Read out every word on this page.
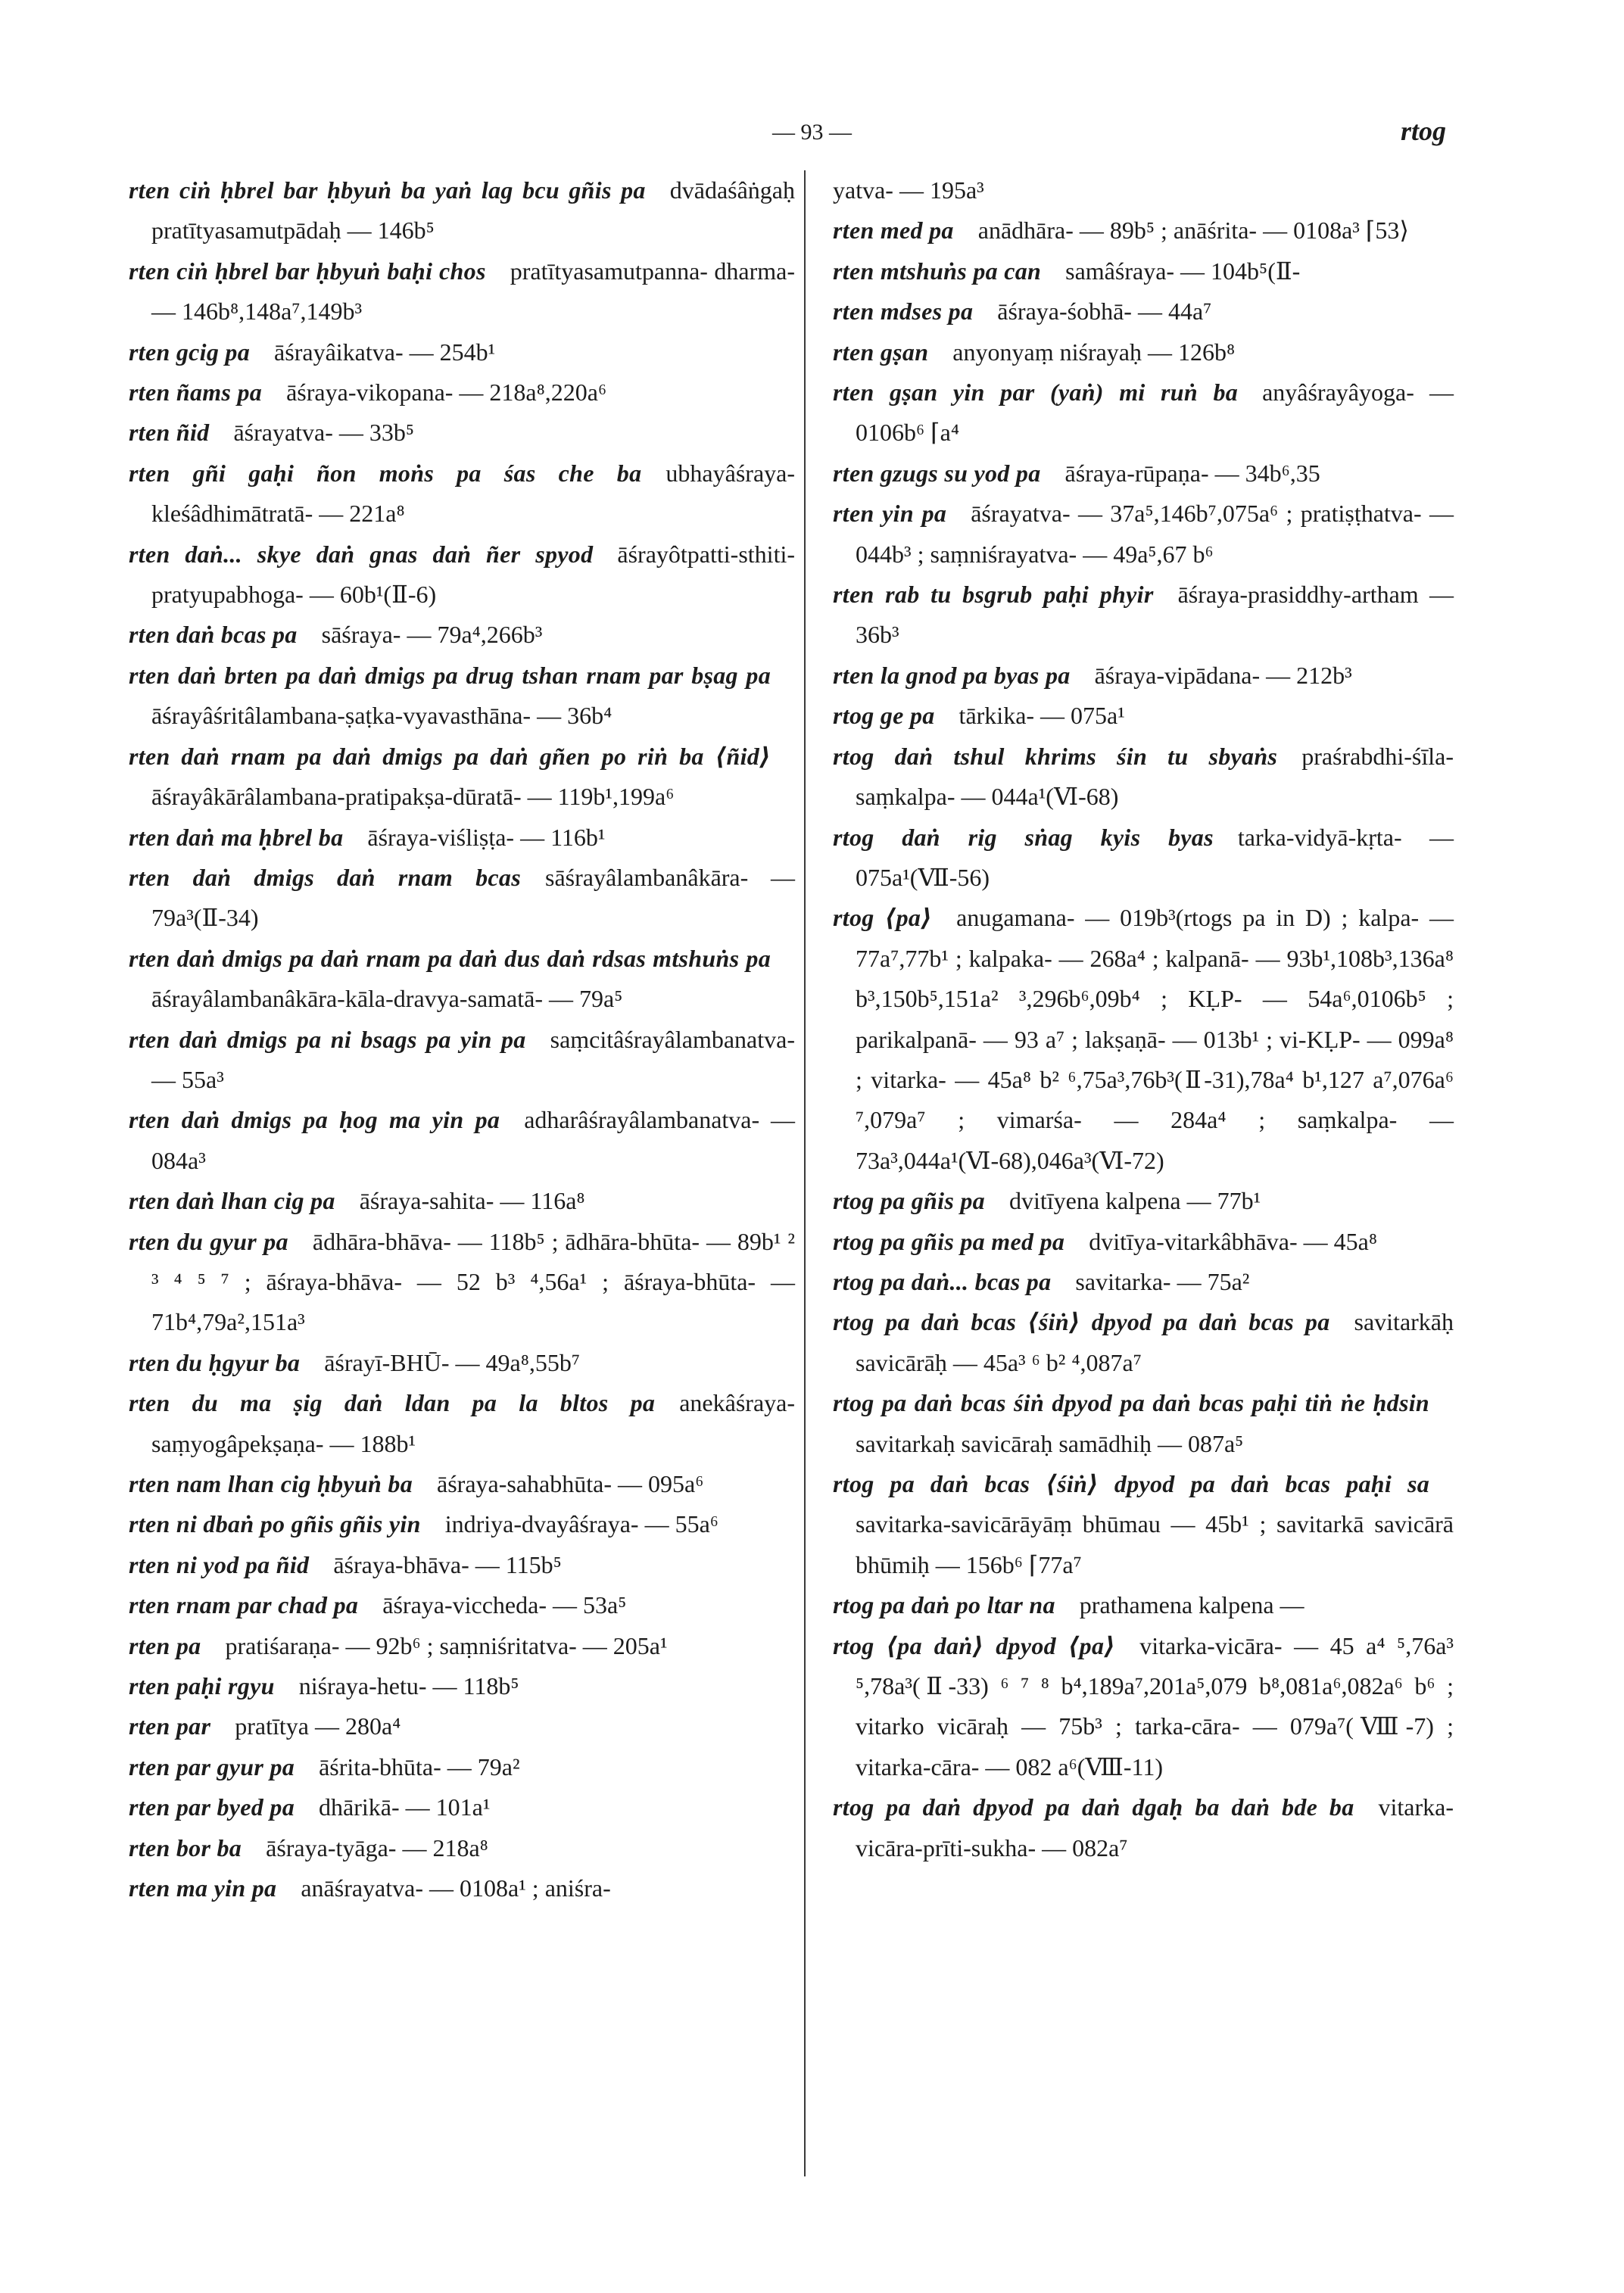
— 93 —	rtog
rten ciṅ ḥbrel bar ḥbyuṅ ba yaṅ lag bcu gñis pa  dvādaśâṅgaḥ pratītyasamutpādaḥ — 146b⁵
rten ciṅ ḥbrel bar ḥbyuṅ baḥi chos  pratītyasamutpanna- dharma- — 146b⁸,148a⁷,149b³
rten gcig pa  āśrayâikatva- — 254b¹
rten ñams pa  āśraya-vikopana- — 218a⁸,220a⁶
rten ñid  āśrayatva- — 33b⁵
rten gñi gaḥi ñon moṅs pa śas che ba  ubhayâśraya-kleśâdhimātratā- — 221a⁸
rten daṅ... skye daṅ gnas daṅ ñer spyod  āśrayôtpatti-sthiti-pratyupabhoga- — 60b¹(Ⅱ-6)
rten daṅ bcas pa  sāśraya- — 79a⁴,266b³
rten daṅ brten pa daṅ dmigs pa drug tshan rnam par bṣag pa āśrayâśritâlambana-ṣaṭka-vyavasthāna- — 36b⁴
rten daṅ rnam pa daṅ dmigs pa daṅ gñen po riṅ ba ⟨ñid⟩ āśrayâkārâlambana-pratipakṣa-dūratā- — 119b¹,199a⁶
rten daṅ ma ḥbrel ba  āśraya-viśliṣṭa- — 116b¹
rten daṅ dmigs daṅ rnam bcas  sāśrayâlambanâkāra- — 79a³(Ⅱ-34)
rten daṅ dmigs pa daṅ rnam pa daṅ dus daṅ rdsas mtshuṅs pa āśrayâlambanâkāra-kāla-dravya-samatā- — 79a⁵
rten daṅ dmigs pa ni bsags pa yin pa  saṃcitâśrayâlambanatva- — 55a³
rten daṅ dmigs pa ḥog ma yin pa  adharâśrayâlambanatva- — 084a³
rten daṅ lhan cig pa  āśraya-sahita- — 116a⁸
rten du gyur pa  ādhāra-bhāva- — 118b⁵ ; ādhāra-bhūta- — 89b¹ ² ³ ⁴ ⁵ ⁷ ; āśraya-bhāva- — 52 b³ ⁴,56a¹ ; āśraya-bhūta- — 71b⁴,79a²,151a³
rten du ḥgyur ba  āśrayī-BHŪ- — 49a⁸,55b⁷
rten du ma ṣig daṅ ldan pa la bltos pa  anekâśraya-saṃyogâpekṣaṇa- — 188b¹
rten nam lhan cig ḥbyuṅ ba  āśraya-sahabhūta- — 095a⁶
rten ni dbaṅ po gñis gñis yin  indriya-dvayâśraya- — 55a⁶
rten ni yod pa ñid  āśraya-bhāva- — 115b⁵
rten rnam par chad pa  āśraya-viccheda- — 53a⁵
rten pa  pratiśaraṇa- — 92b⁶ ; saṃniśritatva- — 205a¹
rten paḥi rgyu  niśraya-hetu- — 118b⁵
rten par  pratītya — 280a⁴
rten par gyur pa  āśrita-bhūta- — 79a²
rten par byed pa  dhārikā- — 101a¹
rten bor ba  āśraya-tyāga- — 218a⁸
rten ma yin pa  anāśrayatva- — 0108a¹ ; aniśra-
yatva- — 195a³
rten med pa  anādhāra- — 89b⁵ ; anāśrita- — 0108a³ ⌈53⟩
rten mtshuṅs pa can  samâśraya- — 104b⁵(Ⅱ-
rten mdses pa  āśraya-śobhā- — 44a⁷
rten gṣan  anyonyaṃ niśrayaḥ — 126b⁸
rten gṣan yin par (yaṅ) mi ruṅ ba  anyâśrayâyoga- — 0106b⁶ ⌈a⁴
rten gzugs su yod pa  āśraya-rūpaṇa- — 34b⁶,35
rten yin pa  āśrayatva- — 37a⁵,146b⁷,075a⁶ ; pratiṣṭhatva- — 044b³ ; saṃniśrayatva- — 49a⁵,67 b⁶
rten rab tu bsgrub paḥi phyir  āśraya-prasiddhy-artham — 36b³
rten la gnod pa byas pa  āśraya-vipādana- — 212b³
rtog ge pa  tārkika- — 075a¹
rtog daṅ tshul khrims śin tu sbyaṅs  praśrabdhi-śīla-saṃkalpa- — 044a¹(Ⅵ-68)
rtog daṅ rig sṅag kyis byas  tarka-vidyā-kṛta- — 075a¹(Ⅶ-56)
rtog ⟨pa⟩  anugamana- — 019b³(rtogs pa in D) ; kalpa- — 77a⁷,77b¹ ; kalpaka- — 268a⁴ ; kalpanā- — 93b¹,108b³,136a⁸ b³,150b⁵,151a² ³,296b⁶,09b⁴ ; KḶP- — 54a⁶,0106b⁵ ; parikalpanā- — 93 a⁷ ; lakṣaṇā- — 013b¹ ; vi-KḶP- — 099a⁸ ; vitarka- — 45a⁸ b² ⁶,75a³,76b³(Ⅱ-31),78a⁴ b¹,127 a⁷,076a⁶ ⁷,079a⁷ ; vimarśa- — 284a⁴ ; saṃkalpa- — 73a³,044a¹(Ⅵ-68),046a³(Ⅵ-72)
rtog pa gñis pa  dvitīyena kalpena — 77b¹
rtog pa gñis pa med pa  dvitīya-vitarkâbhāva- — 45a⁸
rtog pa daṅ... bcas pa  savitarka- — 75a²
rtog pa daṅ bcas ⟨śiṅ⟩ dpyod pa daṅ bcas pa  savitarkāḥ savicārāḥ — 45a³ ⁶ b² ⁴,087a⁷
rtog pa daṅ bcas śiṅ dpyod pa daṅ bcas paḥi tiṅ ṅe ḥdsin savitarkaḥ savicāraḥ samādhiḥ — 087a⁵
rtog pa daṅ bcas ⟨śiṅ⟩ dpyod pa daṅ bcas paḥi sa savitarka-savicārāyāṃ bhūmau — 45b¹ ; savitarkā savicārā bhūmiḥ — 156b⁶ ⌈77a⁷
rtog pa daṅ po ltar na  prathamena kalpena —
rtog ⟨pa daṅ⟩ dpyod ⟨pa⟩  vitarka-vicāra- — 45 a⁴ ⁵,76a³ ⁵,78a³(Ⅱ-33) ⁶ ⁷ ⁸ b⁴,189a⁷,201a⁵,079 b⁸,081a⁶,082a⁶ b⁶ ; vitarko vicāraḥ — 75b³ ; tarka-cāra- — 079a⁷(Ⅷ-7) ; vitarka-cāra- — 082 a⁶(Ⅷ-11)
rtog pa daṅ dpyod pa daṅ dgaḥ ba daṅ bde ba  vitarka-vicāra-prīti-sukha- — 082a⁷
